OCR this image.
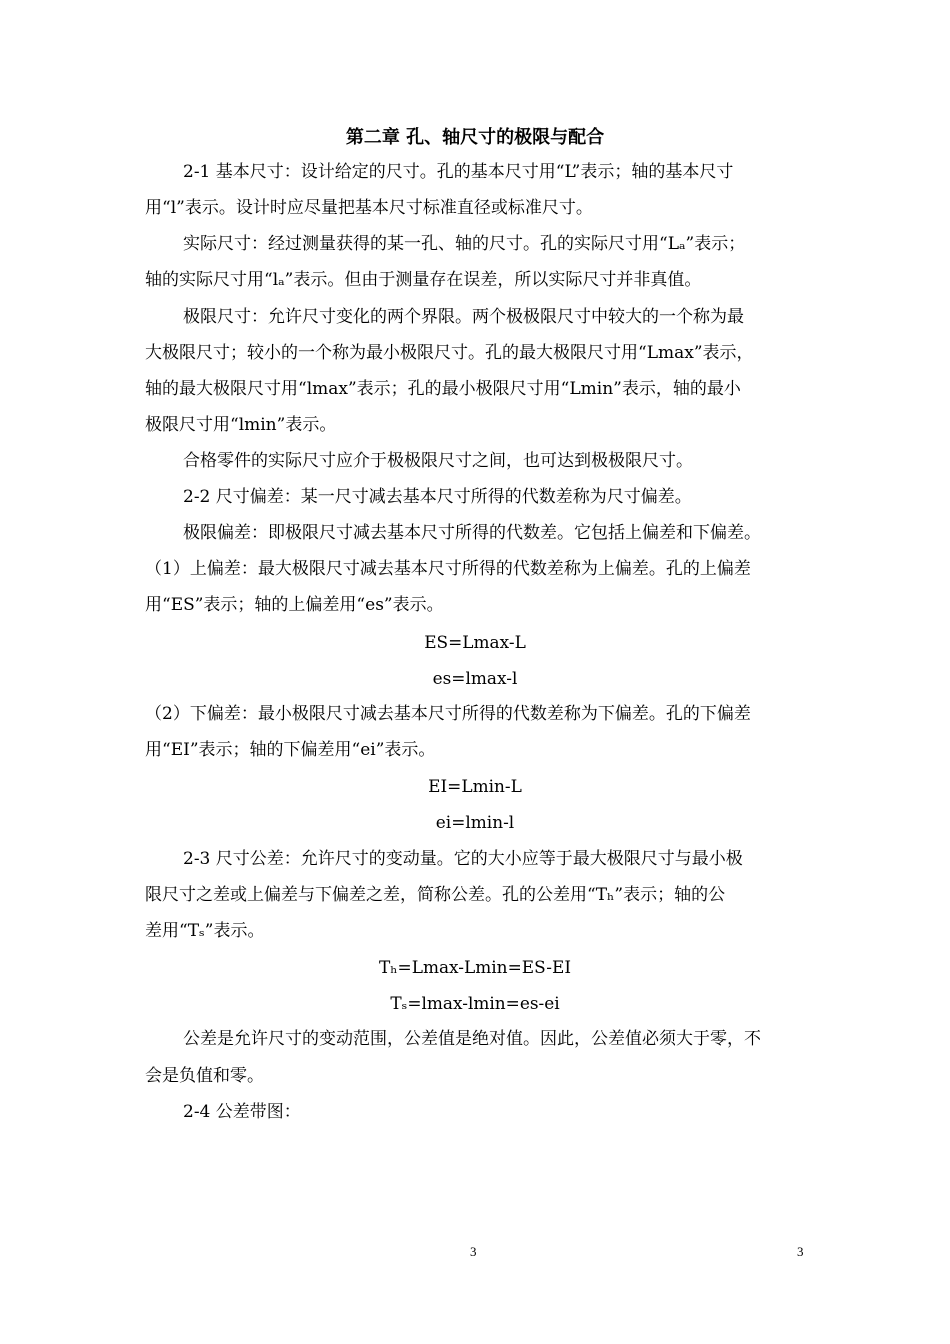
第二章 孔、轴尺寸的极限与配合
2-1 基本尺寸：设计给定的尺寸。孔的基本尺寸用“L”表示；轴的基本尺寸
用“l”表示。设计时应尽量把基本尺寸标准直径或标准尺寸。
实际尺寸：经过测量获得的某一孔、轴的尺寸。孔的实际尺寸用“Lₐ”表示；
轴的实际尺寸用“lₐ”表示。但由于测量存在误差，所以实际尺寸并非真值。
极限尺寸：允许尺寸变化的两个界限。两个极极限尺寸中较大的一个称为最
大极限尺寸；较小的一个称为最小极限尺寸。孔的最大极限尺寸用“Lmax”表示，
轴的最大极限尺寸用“lmax”表示；孔的最小极限尺寸用“Lmin”表示，轴的最小
极限尺寸用“lmin”表示。
合格零件的实际尺寸应介于极极限尺寸之间，也可达到极极限尺寸。
2-2 尺寸偏差：某一尺寸减去基本尺寸所得的代数差称为尺寸偏差。
极限偏差：即极限尺寸减去基本尺寸所得的代数差。它包括上偏差和下偏差。
（1）上偏差：最大极限尺寸减去基本尺寸所得的代数差称为上偏差。孔的上偏差
用“ES”表示；轴的上偏差用“es”表示。
ES=Lmax-L
es=lmax-l
（2）下偏差：最小极限尺寸减去基本尺寸所得的代数差称为下偏差。孔的下偏差
用“EI”表示；轴的下偏差用“ei”表示。
EI=Lmin-L
ei=lmin-l
2-3 尺寸公差：允许尺寸的变动量。它的大小应等于最大极限尺寸与最小极
限尺寸之差或上偏差与下偏差之差，简称公差。孔的公差用“Tₕ”表示；轴的公
差用“Tₛ”表示。
Tₕ=Lmax-Lmin=ES-EI
Tₛ=lmax-lmin=es-ei
公差是允许尺寸的变动范围，公差值是绝对值。因此，公差值必须大于零，不
会是负值和零。
2-4 公差带图：
3	3
